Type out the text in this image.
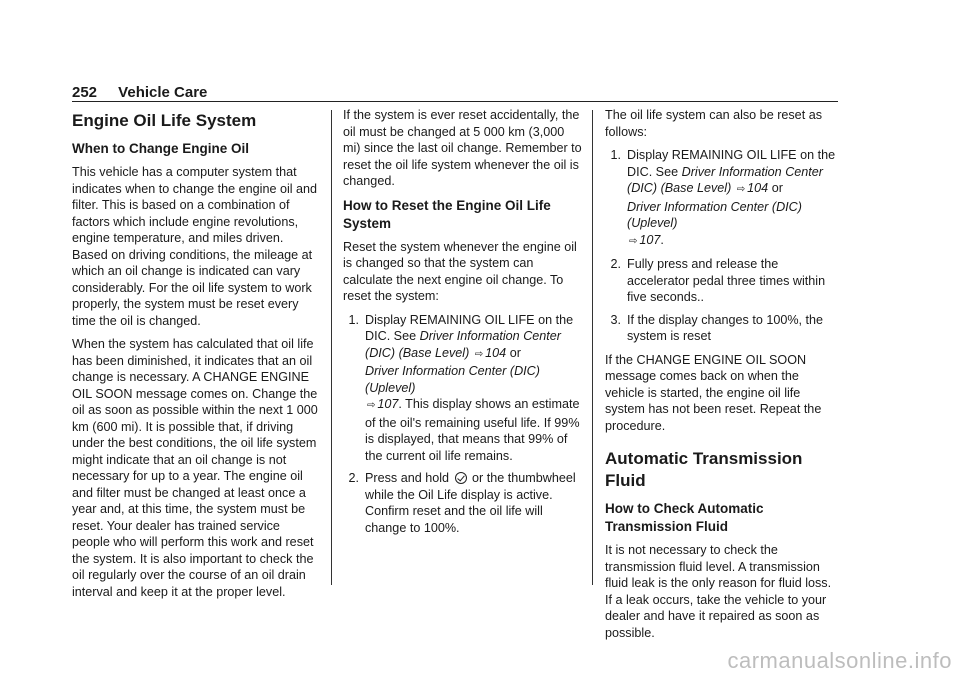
252 Vehicle Care
Engine Oil Life System
When to Change Engine Oil

This vehicle has a computer system that indicates when to change the engine oil and filter. This is based on a combination of factors which include engine revolutions, engine temperature, and miles driven. Based on driving conditions, the mileage at which an oil change is indicated can vary considerably. For the oil life system to work properly, the system must be reset every time the oil is changed.

When the system has calculated that oil life has been diminished, it indicates that an oil change is necessary. A CHANGE ENGINE OIL SOON message comes on. Change the oil as soon as possible within the next 1 000 km (600 mi). It is possible that, if driving under the best conditions, the oil life system might indicate that an oil change is not necessary for up to a year. The engine oil and filter must be changed at least once a year and, at this time, the system must be reset. Your dealer has trained service people who will perform this work and reset the system. It is also important to check the oil regularly over the course of an oil drain interval and keep it at the proper level.

If the system is ever reset accidentally, the oil must be changed at 5 000 km (3,000 mi) since the last oil change. Remember to reset the oil life system whenever the oil is changed.

How to Reset the Engine Oil Life System

Reset the system whenever the engine oil is changed so that the system can calculate the next engine oil change. To reset the system:

1. Display REMAINING OIL LIFE on the DIC. See Driver Information Center (DIC) (Base Level) ⇨ 104 or
Driver Information Center (DIC) (Uplevel)
⇨ 107. This display shows an estimate of the oil's remaining useful life. If 99% is displayed, that means that 99% of the current oil life remains.
2. Press and hold or the thumbwheel while the Oil Life display is active. Confirm reset and the oil life will change to 100%.

The oil life system can also be reset as follows:

1. Display REMAINING OIL LIFE on the DIC. See Driver Information Center (DIC) (Base Level) ⇨ 104 or
Driver Information Center (DIC) (Uplevel)
⇨ 107.
2. Fully press and release the accelerator pedal three times within five seconds..
3. If the display changes to 100%, the system is reset

If the CHANGE ENGINE OIL SOON message comes back on when the vehicle is started, the engine oil life system has not been reset. Repeat the procedure.

Automatic Transmission Fluid
How to Check Automatic Transmission Fluid

It is not necessary to check the transmission fluid level. A transmission fluid leak is the only reason for fluid loss. If a leak occurs, take the vehicle to your dealer and have it repaired as soon as possible.

carmanualsonline.info
